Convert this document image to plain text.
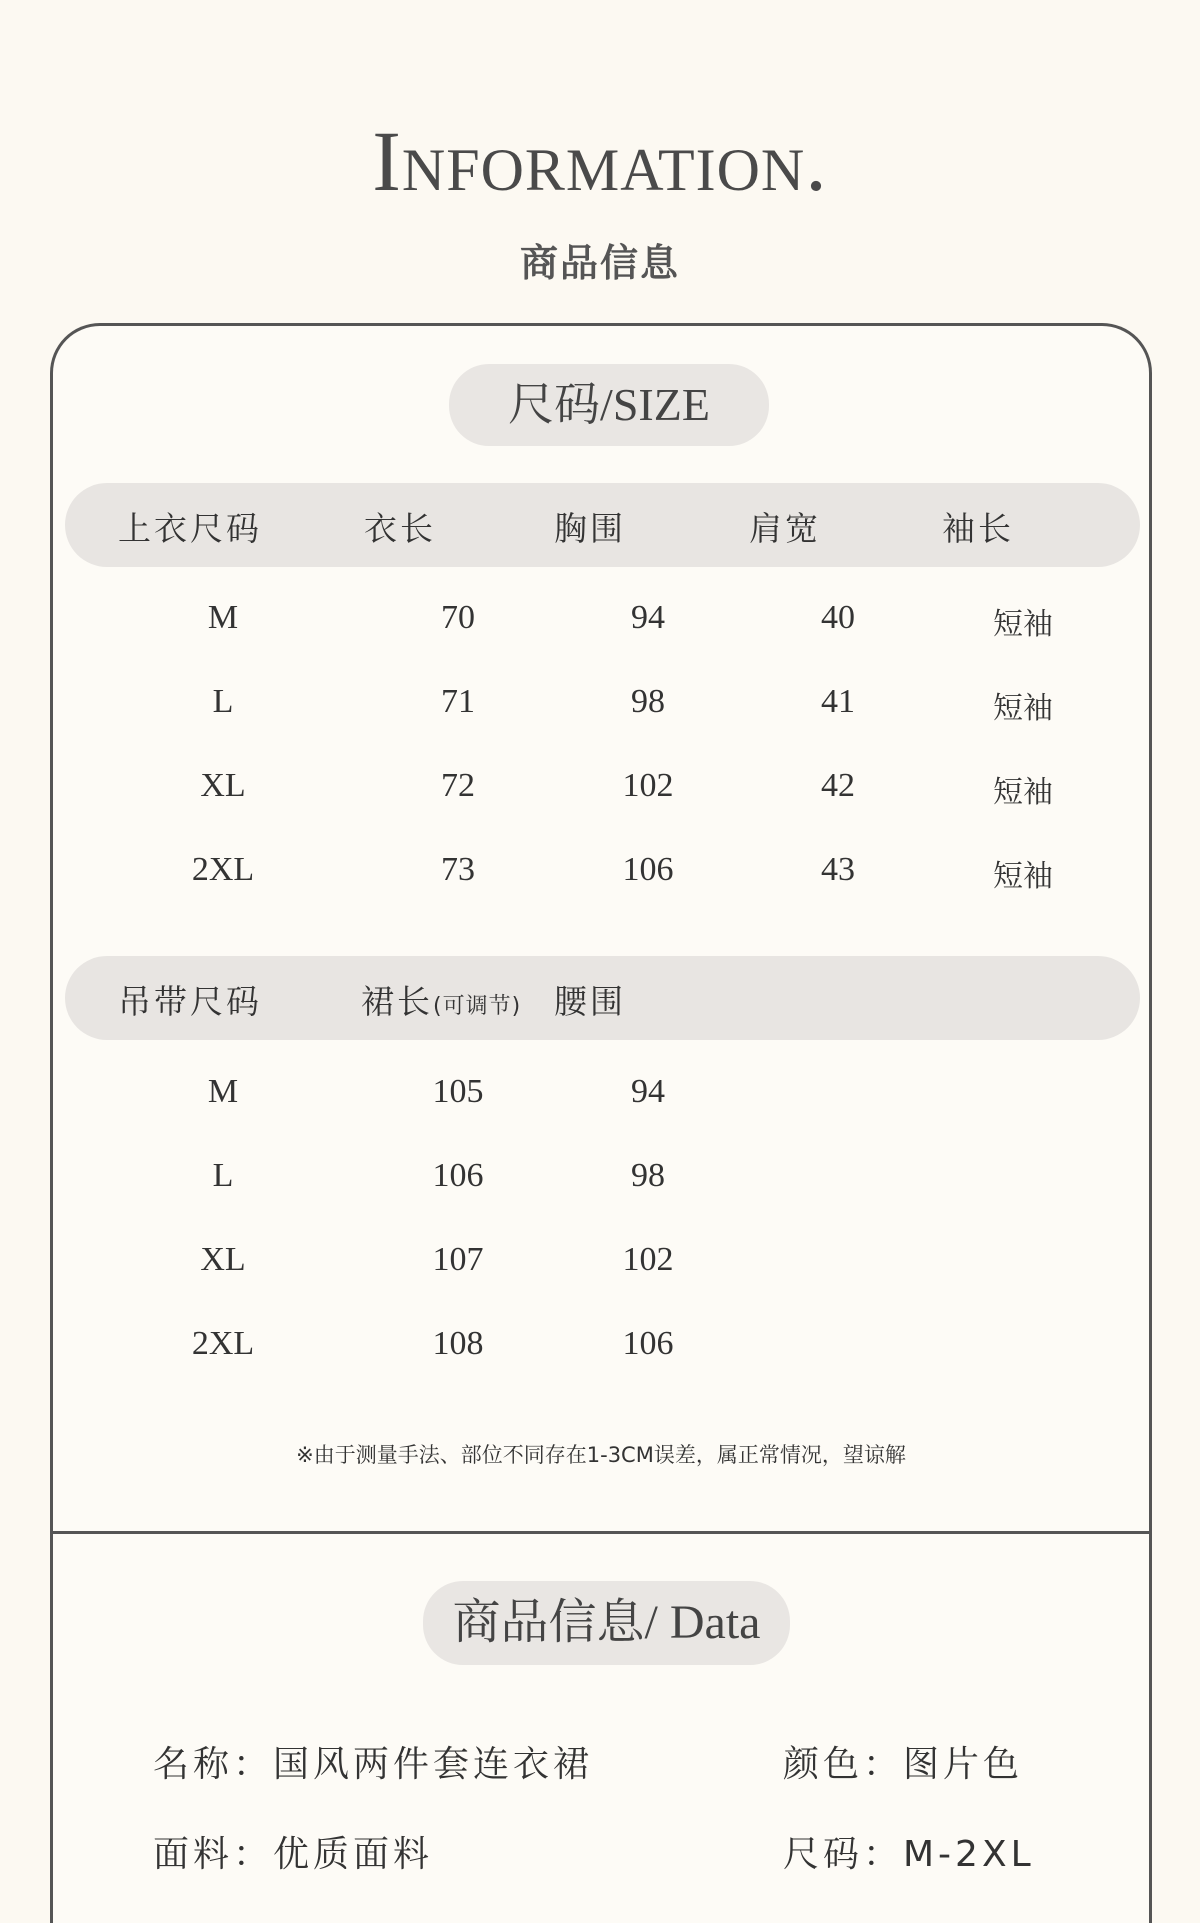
Information.
商品信息
尺码/SIZE
上衣尺码	衣长	胸围	肩宽	袖长
M	70	94	40	短袖
L	71	98	41	短袖
XL	72	102	42	短袖
2XL	73	106	43	短袖
吊带尺码	裙长(可调节) 腰围
M	105	94
L	106	98
XL	107	102
2XL	108	106
※由于测量手法、部位不同存在1-3CM误差，属正常情况，望谅解
商品信息/ Data
名称：国风两件套连衣裙	颜色：图片色
面料：优质面料	尺码：M-2XL
